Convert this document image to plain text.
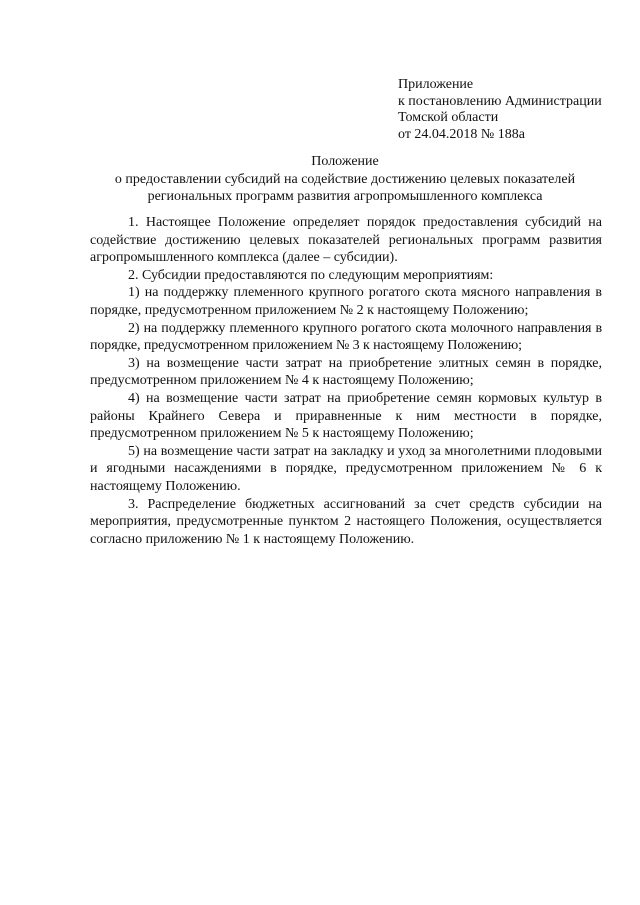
Приложение
к постановлению Администрации
Томской области
от 24.04.2018 № 188а
Положение
о предоставлении субсидий на содействие достижению целевых показателей
региональных программ развития агропромышленного комплекса

1. Настоящее Положение определяет порядок предоставления субсидий на содействие достижению целевых показателей региональных программ развития агропромышленного комплекса (далее – субсидии).

2. Субсидии предоставляются по следующим мероприятиям:

1) на поддержку племенного крупного рогатого скота мясного направления в порядке, предусмотренном приложением № 2 к настоящему Положению;

2) на поддержку племенного крупного рогатого скота молочного направления в порядке, предусмотренном приложением № 3 к настоящему Положению;

3) на возмещение части затрат на приобретение элитных семян в порядке, предусмотренном приложением № 4 к настоящему Положению;

4) на возмещение части затрат на приобретение семян кормовых культур в районы Крайнего Севера и приравненные к ним местности в порядке, предусмотренном приложением № 5 к настоящему Положению;

5) на возмещение части затрат на закладку и уход за многолетними плодовыми и ягодными насаждениями в порядке, предусмотренном приложением № 6 к настоящему Положению.

3. Распределение бюджетных ассигнований за счет средств субсидии на мероприятия, предусмотренные пунктом 2 настоящего Положения, осуществляется согласно приложению № 1 к настоящему Положению.
